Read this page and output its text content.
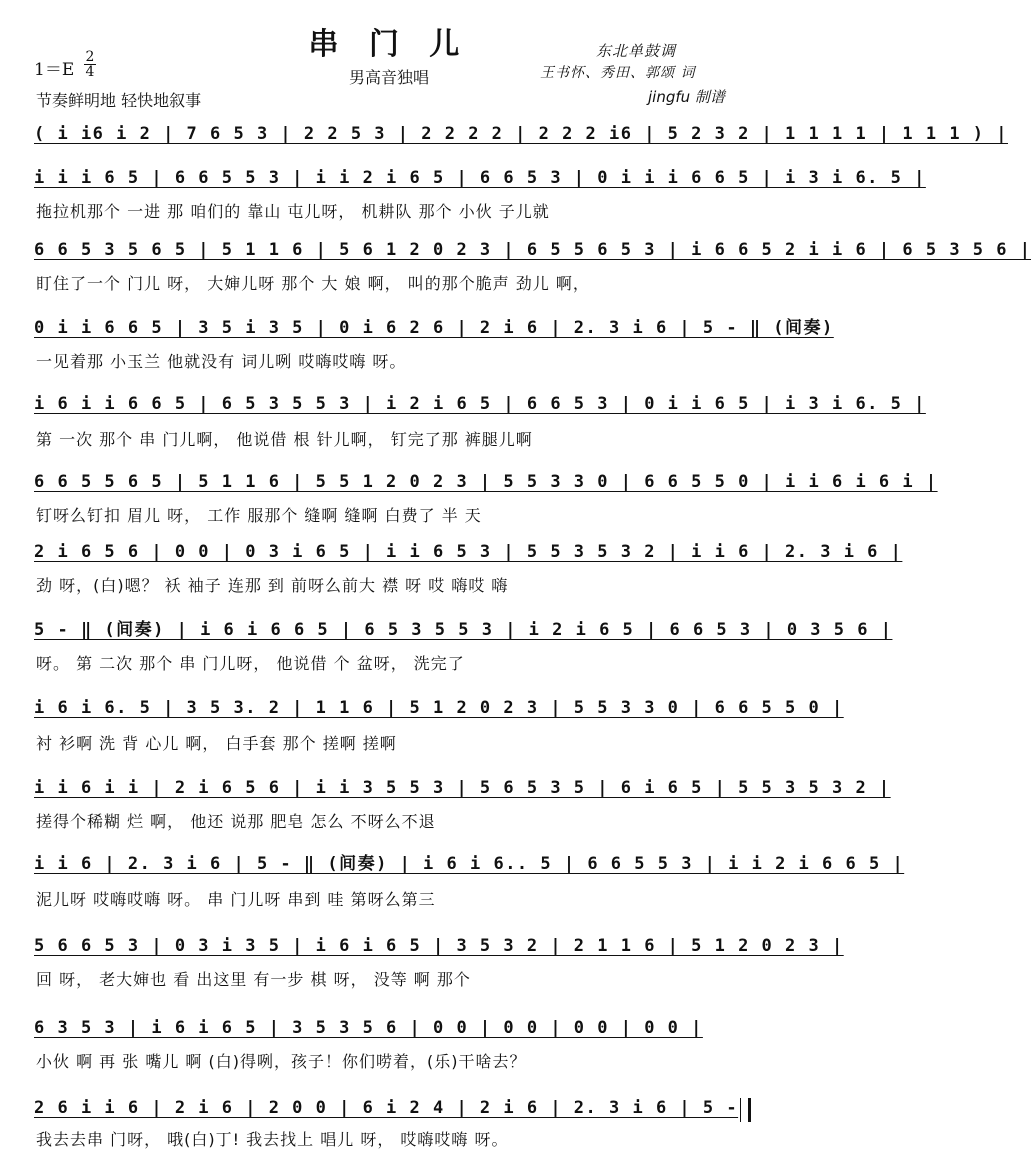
串 门 儿
男高音独唱
$1=E \frac{2}{4}$
节奏鲜明地 轻快地叙事
东北单鼓调
王书怀、秀田、郭颂 词
jingfu 制谱
( i i6 i 2 | 7 6 5 3 | 2 2 5 3 | 2 2 2 2 | 2 2 2 i6 | 5 2 3 2 | 1 1 1 1 | 1 1 1 ) |
i i i 6 5 | 6 6 5 5 3 | i i 2 i 6 5 | 6 6 5 3 | 0 i i i 6 6 5 | i 3 i 6. 5 |
拖拉机那个 一进 那 咱们的 靠山 屯儿呀， 机耕队 那个 小伙 子儿就
6 6 5 3 5 6 5 | 5 1 1 6 | 5 6 1 2 0 2 3 | 6 5 5 6 5 3 | i 6 6 5 2 i i 6 | 6 5 3 5 6 |
盯住了一个 门儿 呀， 大婶儿呀 那个 大 娘 啊， 叫的那个脆声 劲儿 啊，
0 i i 6 6 5 | 3 5 i 3 5 | 0 i 6 2 6 | 2 i 6 | 2. 3 i 6 | 5 - ‖ (间奏)
一见着那 小玉兰 他就没有 词儿咧 哎嗨哎嗨 呀。
i 6 i i 6 6 5 | 6 5 3 5 5 3 | i 2 i 6 5 | 6 6 5 3 | 0 i i 6 5 | i 3 i 6. 5 |
第 一次 那个 串 门儿啊， 他说借 根 针儿啊， 钉完了那 裤腿儿啊
6 6 5 5 6 5 | 5 1 1 6 | 5 5 1 2 0 2 3 | 5 5 3 3 0 | 6 6 5 5 0 | i i 6 i 6 i |
钉呀么钉扣 眉儿 呀， 工作 服那个 缝啊 缝啊 白费了 半 天
2 i 6 5 6 | 0 0 | 0 3 i 6 5 | i i 6 5 3 | 5 5 3 5 3 2 | i i 6 | 2. 3 i 6 |
劲 呀，(白)嗯？ 袄 袖子 连那 到 前呀么前大 襟 呀 哎 嗨哎 嗨
5 - ‖ (间奏) | i 6 i 6 6 5 | 6 5 3 5 5 3 | i 2 i 6 5 | 6 6 5 3 | 0 3 5 6 |
呀。 第 二次 那个 串 门儿呀， 他说借 个 盆呀， 洗完了
i 6 i 6. 5 | 3 5 3. 2 | 1 1 6 | 5 1 2 0 2 3 | 5 5 3 3 0 | 6 6 5 5 0 |
衬 衫啊 洗 背 心儿 啊， 白手套 那个 搓啊 搓啊
i i 6 i i | 2 i 6 5 6 | i i 3 5 5 3 | 5 6 5 3 5 | 6 i 6 5 | 5 5 3 5 3 2 |
搓得个稀糊 烂 啊， 他还 说那 肥皂 怎么 不呀么不退
i i 6 | 2. 3 i 6 | 5 - ‖ (间奏) | i 6 i 6.. 5 | 6 6 5 5 3 | i i 2 i 6 6 5 |
泥儿呀 哎嗨哎嗨 呀。 串 门儿呀 串到 哇 第呀么第三
5 6 6 5 3 | 0 3 i 3 5 | i 6 i 6 5 | 3 5 3 2 | 2 1 1 6 | 5 1 2 0 2 3 |
回 呀， 老大婶也 看 出这里 有一步 棋 呀， 没等 啊 那个
6 3 5 3 | i 6 i 6 5 | 3 5 3 5 6 | 0 0 | 0 0 | 0 0 | 0 0 |
小伙 啊 再 张 嘴儿 啊 (白)得咧，孩子！你们唠着，(乐)干啥去？
2 6 i i 6 | 2 i 6 | 2 0 0 | 6 i 2 4 | 2 i 6 | 2. 3 i 6 | 5 -
我去去串 门呀， 哦(白)丁! 我去找上 唱儿 呀， 哎嗨哎嗨 呀。
